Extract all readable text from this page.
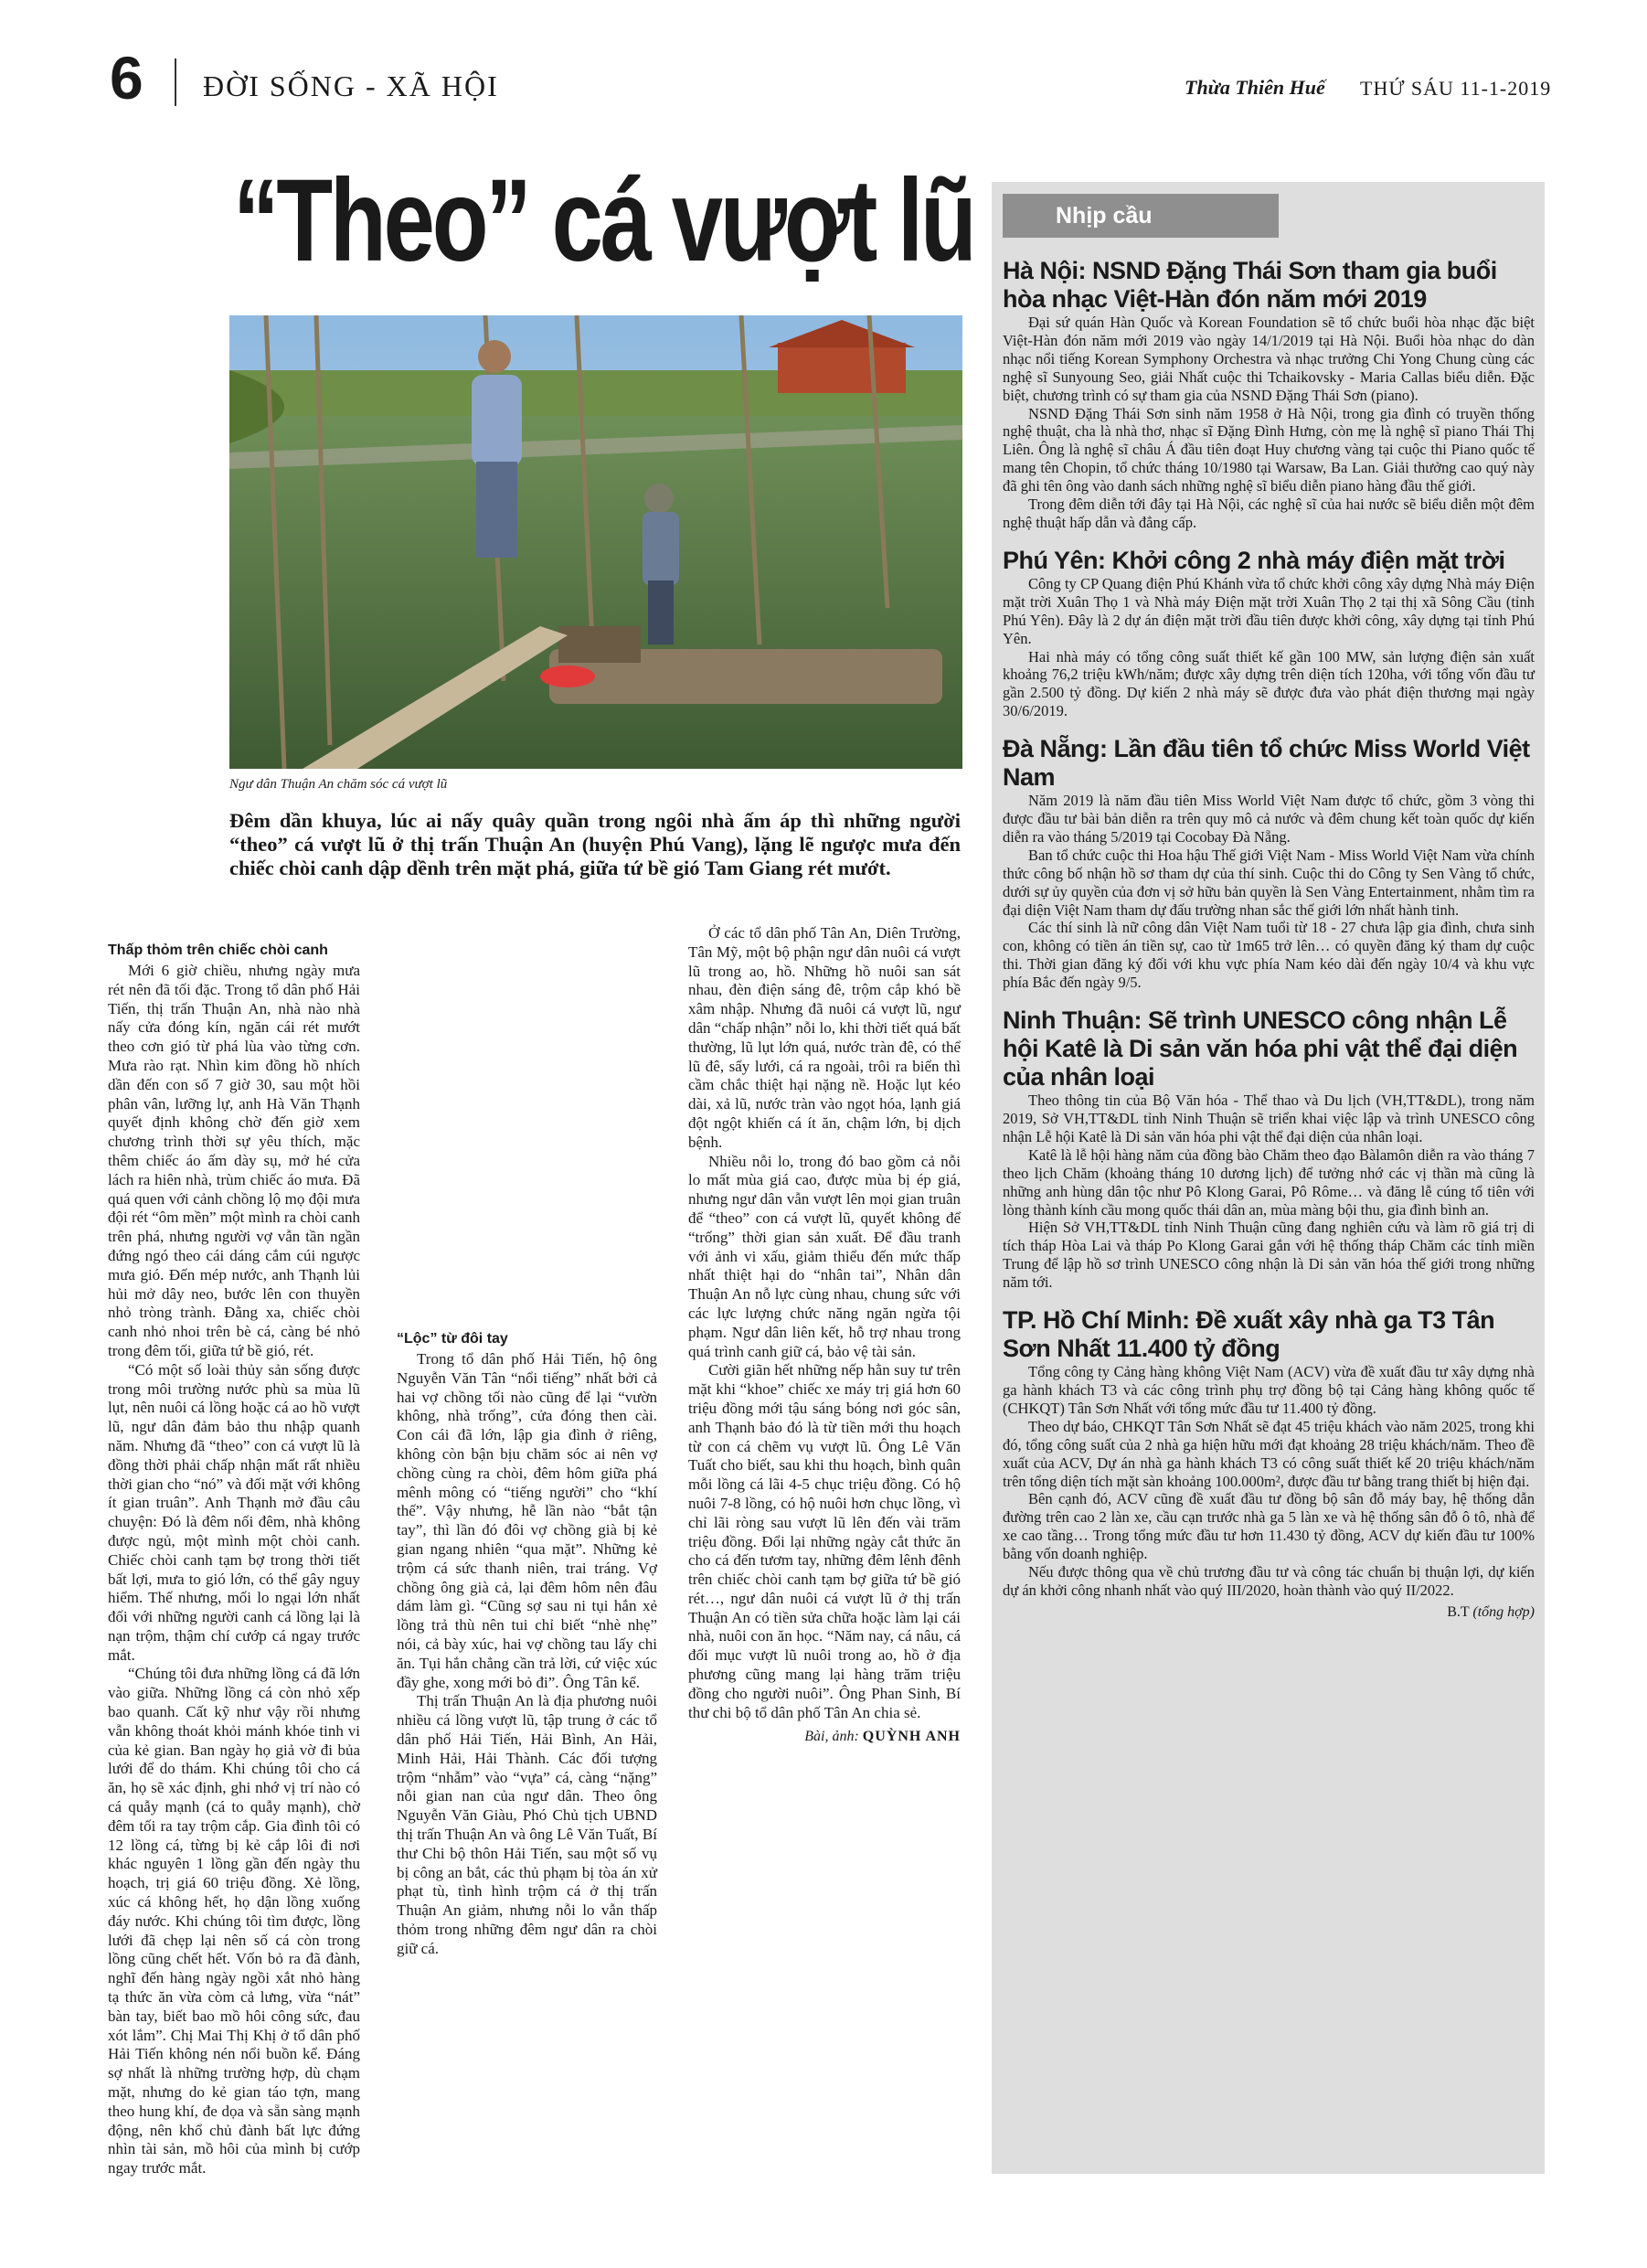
6 ĐỜI SỐNG - XÃ HỘI	Thừa Thiên Huế THỨ SÁU 11-1-2019
“Theo” cá vượt lũ
Ngư dân Thuận An chăm sóc cá vượt lũ
Đêm dần khuya, lúc ai nấy quây quần trong ngôi nhà ấm áp thì những người “theo” cá vượt lũ ở thị trấn Thuận An (huyện Phú Vang), lặng lẽ ngược mưa đến chiếc chòi canh dập dềnh trên mặt phá, giữa tứ bề gió Tam Giang rét mướt.
Thấp thỏm trên chiếc chòi canh

Mới 6 giờ chiều, nhưng ngày mưa rét nên đã tối đặc. Trong tổ dân phố Hải Tiến, thị trấn Thuận An, nhà nào nhà nấy cửa đóng kín, ngăn cái rét mướt theo cơn gió từ phá lùa vào từng cơn. Mưa rào rạt. Nhìn kim đồng hồ nhích dần đến con số 7 giờ 30, sau một hồi phân vân, lưỡng lự, anh Hà Văn Thạnh quyết định không chờ đến giờ xem chương trình thời sự yêu thích, mặc thêm chiếc áo ấm dày sụ, mở hé cửa lách ra hiên nhà, trùm chiếc áo mưa. Đã quá quen với cảnh chồng lộ mọ đội mưa đội rét “ôm mền” một mình ra chòi canh trên phá, nhưng người vợ vẫn tần ngần đứng ngó theo cái dáng cắm cúi ngược mưa gió. Đến mép nước, anh Thạnh lủi hủi mở dây neo, bước lên con thuyền nhỏ tròng trành. Đằng xa, chiếc chòi canh nhỏ nhoi trên bè cá, càng bé nhỏ trong đêm tối, giữa tứ bề gió, rét.

“Có một số loài thủy sản sống được trong môi trường nước phù sa mùa lũ lụt, nên nuôi cá lồng hoặc cá ao hồ vượt lũ, ngư dân đảm bảo thu nhập quanh năm. Nhưng đã “theo” con cá vượt lũ là đồng thời phải chấp nhận mất rất nhiều thời gian cho “nó” và đối mặt với không ít gian truân”. Anh Thạnh mở đầu câu chuyện: Đó là đêm nối đêm, nhà không được ngủ, một mình một chòi canh. Chiếc chòi canh tạm bợ trong thời tiết bất lợi, mưa to gió lớn, có thể gây nguy hiểm. Thế nhưng, mối lo ngại lớn nhất đối với những người canh cá lồng lại là nạn trộm, thậm chí cướp cá ngay trước mắt.

“Chúng tôi đưa những lồng cá đã lớn vào giữa. Những lồng cá còn nhỏ xếp bao quanh. Cất kỹ như vậy rồi nhưng vẫn không thoát khỏi mánh khóe tinh vi của kẻ gian. Ban ngày họ giả vờ đi bủa lưới để do thám. Khi chúng tôi cho cá ăn, họ sẽ xác định, ghi nhớ vị trí nào có cá quẫy mạnh (cá to quẫy mạnh), chờ đêm tối ra tay trộm cắp. Gia đình tôi có 12 lồng cá, từng bị kẻ cắp lôi đi nơi khác nguyên 1 lồng gần đến ngày thu hoạch, trị giá 60 triệu đồng. Xẻ lồng, xúc cá không hết, họ dận lồng xuống đáy nước. Khi chúng tôi tìm được, lồng lưới đã chẹp lại nên số cá còn trong lồng cũng chết hết. Vốn bỏ ra đã đành, nghĩ đến hàng ngày ngồi xắt nhỏ hàng tạ thức ăn vừa còm cả lưng, vừa “nát” bàn tay, biết bao mồ hôi công sức, đau xót lắm”. Chị Mai Thị Khị ở tổ dân phố Hải Tiến không nén nổi buồn kể. Đáng sợ nhất là những trường hợp, dù chạm mặt, nhưng do kẻ gian táo tợn, mang theo hung khí, đe dọa và sẵn sàng mạnh động, nên khổ chủ đành bất lực đứng nhìn tài sản, mồ hôi của mình bị cướp ngay trước mắt.

“Lộc” từ đôi tay

Trong tổ dân phố Hải Tiến, hộ ông Nguyễn Văn Tân “nổi tiếng” nhất bởi cả hai vợ chồng tối nào cũng để lại “vườn không, nhà trống”, cửa đóng then cài. Con cái đã lớn, lập gia đình ở riêng, không còn bận bịu chăm sóc ai nên vợ chồng cùng ra chòi, đêm hôm giữa phá mênh mông có “tiếng người” cho “khí thế”. Vậy nhưng, hễ lần nào “bắt tận tay”, thì lần đó đôi vợ chồng già bị kẻ gian ngang nhiên “qua mặt”. Những kẻ trộm cá sức thanh niên, trai tráng. Vợ chồng ông già cả, lại đêm hôm nên đâu dám làm gì. “Cũng sợ sau ni tụi hắn xẻ lồng trả thù nên tui chỉ biết “nhè nhẹ” nói, cả bày xúc, hai vợ chồng tau lấy chi ăn. Tụi hắn chẳng cần trả lời, cứ việc xúc đầy ghe, xong mới bỏ đi”. Ông Tân kể.

Thị trấn Thuận An là địa phương nuôi nhiều cá lồng vượt lũ, tập trung ở các tổ dân phố Hải Tiến, Hải Bình, An Hải, Minh Hải, Hải Thành. Các đối tượng trộm “nhẫm” vào “vựa” cá, càng “nặng” nỗi gian nan của ngư dân. Theo ông Nguyễn Văn Giàu, Phó Chủ tịch UBND thị trấn Thuận An và ông Lê Văn Tuất, Bí thư Chi bộ thôn Hải Tiến, sau một số vụ bị công an bắt, các thủ phạm bị tòa án xử phạt tù, tình hình trộm cá ở thị trấn Thuận An giảm, nhưng nỗi lo vẫn thấp thỏm trong những đêm ngư dân ra chòi giữ cá.

Ở các tổ dân phố Tân An, Diên Trường, Tân Mỹ, một bộ phận ngư dân nuôi cá vượt lũ trong ao, hồ. Những hồ nuôi san sát nhau, đèn điện sáng đê, trộm cắp khó bề xâm nhập. Nhưng đã nuôi cá vượt lũ, ngư dân “chấp nhận” nỗi lo, khi thời tiết quá bất thường, lũ lụt lớn quá, nước tràn đê, có thể lũ đê, sẩy lưới, cá ra ngoài, trôi ra biển thì cầm chắc thiệt hại nặng nề. Hoặc lụt kéo dài, xả lũ, nước tràn vào ngọt hóa, lạnh giá đột ngột khiến cá ít ăn, chậm lớn, bị dịch bệnh.

Nhiều nỗi lo, trong đó bao gồm cả nỗi lo mất mùa giá cao, được mùa bị ép giá, nhưng ngư dân vẫn vượt lên mọi gian truân để “theo” con cá vượt lũ, quyết không để “trống” thời gian sản xuất. Để đầu tranh với ảnh vi xấu, giảm thiểu đến mức thấp nhất thiệt hại do “nhân tai”, Nhân dân Thuận An nỗ lực cùng nhau, chung sức với các lực lượng chức năng ngăn ngừa tội phạm. Ngư dân liên kết, hỗ trợ nhau trong quá trình canh giữ cá, bảo vệ tài sản.

Cười giãn hết những nếp hằn suy tư trên mặt khi “khoe” chiếc xe máy trị giá hơn 60 triệu đồng mới tậu sáng bóng nơi góc sân, anh Thạnh bảo đó là từ tiền mới thu hoạch từ con cá chẽm vụ vượt lũ. Ông Lê Văn Tuất cho biết, sau khi thu hoạch, bình quân mỗi lồng cá lãi 4-5 chục triệu đồng. Có hộ nuôi 7-8 lồng, có hộ nuôi hơn chục lồng, vì chỉ lãi ròng sau vượt lũ lên đến vài trăm triệu đồng. Đổi lại những ngày cắt thức ăn cho cá đến tươm tay, những đêm lênh đênh trên chiếc chòi canh tạm bợ giữa tứ bề gió rét…, ngư dân nuôi cá vượt lũ ở thị trấn Thuận An có tiền sửa chữa hoặc làm lại cái nhà, nuôi con ăn học. “Năm nay, cá nâu, cá đối mục vượt lũ nuôi trong ao, hồ ở địa phương cũng mang lại hàng trăm triệu đồng cho người nuôi”. Ông Phan Sinh, Bí thư chi bộ tổ dân phố Tân An chia sẻ.

Bài, ảnh: QUỲNH ANH

Nhịp cầu
Hà Nội: NSND Đặng Thái Sơn tham gia buổi hòa nhạc Việt-Hàn đón năm mới 2019

Đại sứ quán Hàn Quốc và Korean Foundation sẽ tổ chức buổi hòa nhạc đặc biệt Việt-Hàn đón năm mới 2019 vào ngày 14/1/2019 tại Hà Nội. Buổi hòa nhạc do dàn nhạc nổi tiếng Korean Symphony Orchestra và nhạc trưởng Chi Yong Chung cùng các nghệ sĩ Sunyoung Seo, giải Nhất cuộc thi Tchaikovsky - Maria Callas biểu diễn. Đặc biệt, chương trình có sự tham gia của NSND Đặng Thái Sơn (piano).

NSND Đặng Thái Sơn sinh năm 1958 ở Hà Nội, trong gia đình có truyền thống nghệ thuật, cha là nhà thơ, nhạc sĩ Đặng Đình Hưng, còn mẹ là nghệ sĩ piano Thái Thị Liên. Ông là nghệ sĩ châu Á đầu tiên đoạt Huy chương vàng tại cuộc thi Piano quốc tế mang tên Chopin, tổ chức tháng 10/1980 tại Warsaw, Ba Lan. Giải thưởng cao quý này đã ghi tên ông vào danh sách những nghệ sĩ biểu diễn piano hàng đầu thế giới.

Trong đêm diễn tới đây tại Hà Nội, các nghệ sĩ của hai nước sẽ biểu diễn một đêm nghệ thuật hấp dẫn và đẳng cấp.

Phú Yên: Khởi công 2 nhà máy điện mặt trời

Công ty CP Quang điện Phú Khánh vừa tổ chức khởi công xây dựng Nhà máy Điện mặt trời Xuân Thọ 1 và Nhà máy Điện mặt trời Xuân Thọ 2 tại thị xã Sông Cầu (tỉnh Phú Yên). Đây là 2 dự án điện mặt trời đầu tiên được khởi công, xây dựng tại tỉnh Phú Yên.

Hai nhà máy có tổng công suất thiết kế gần 100 MW, sản lượng điện sản xuất khoảng 76,2 triệu kWh/năm; được xây dựng trên diện tích 120ha, với tổng vốn đầu tư gần 2.500 tỷ đồng. Dự kiến 2 nhà máy sẽ được đưa vào phát điện thương mại ngày 30/6/2019.

Đà Nẵng: Lần đầu tiên tổ chức Miss World Việt Nam

Năm 2019 là năm đầu tiên Miss World Việt Nam được tổ chức, gồm 3 vòng thi được đầu tư bài bản diễn ra trên quy mô cả nước và đêm chung kết toàn quốc dự kiến diễn ra vào tháng 5/2019 tại Cocobay Đà Nẵng.

Ban tổ chức cuộc thi Hoa hậu Thế giới Việt Nam - Miss World Việt Nam vừa chính thức công bố nhận hồ sơ tham dự của thí sinh. Cuộc thi do Công ty Sen Vàng tổ chức, dưới sự ủy quyền của đơn vị sở hữu bản quyền là Sen Vàng Entertainment, nhằm tìm ra đại diện Việt Nam tham dự đấu trường nhan sắc thế giới lớn nhất hành tinh.

Các thí sinh là nữ công dân Việt Nam tuổi từ 18 - 27 chưa lập gia đình, chưa sinh con, không có tiền án tiền sự, cao từ 1m65 trở lên… có quyền đăng ký tham dự cuộc thi. Thời gian đăng ký đối với khu vực phía Nam kéo dài đến ngày 10/4 và khu vực phía Bắc đến ngày 9/5.

Ninh Thuận: Sẽ trình UNESCO công nhận Lễ hội Katê là Di sản văn hóa phi vật thể đại diện của nhân loại

Theo thông tin của Bộ Văn hóa - Thể thao và Du lịch (VH,TT&DL), trong năm 2019, Sở VH,TT&DL tỉnh Ninh Thuận sẽ triển khai việc lập và trình UNESCO công nhận Lễ hội Katê là Di sản văn hóa phi vật thể đại diện của nhân loại.

Katê là lễ hội hàng năm của đồng bào Chăm theo đạo Bàlamôn diễn ra vào tháng 7 theo lịch Chăm (khoảng tháng 10 dương lịch) để tưởng nhớ các vị thần mà cũng là những anh hùng dân tộc như Pô Klong Garai, Pô Rôme… và đăng lễ cúng tổ tiên với lòng thành kính cầu mong quốc thái dân an, mùa màng bội thu, gia đình bình an.

Hiện Sở VH,TT&DL tỉnh Ninh Thuận cũng đang nghiên cứu và làm rõ giá trị di tích tháp Hòa Lai và tháp Po Klong Garai gắn với hệ thống tháp Chăm các tỉnh miền Trung để lập hồ sơ trình UNESCO công nhận là Di sản văn hóa thế giới trong những năm tới.

TP. Hồ Chí Minh: Đề xuất xây nhà ga T3 Tân Sơn Nhất 11.400 tỷ đồng

Tổng công ty Cảng hàng không Việt Nam (ACV) vừa đề xuất đầu tư xây dựng nhà ga hành khách T3 và các công trình phụ trợ đồng bộ tại Cảng hàng không quốc tế (CHKQT) Tân Sơn Nhất với tổng mức đầu tư 11.400 tỷ đồng.

Theo dự báo, CHKQT Tân Sơn Nhất sẽ đạt 45 triệu khách vào năm 2025, trong khi đó, tổng công suất của 2 nhà ga hiện hữu mới đạt khoảng 28 triệu khách/năm. Theo đề xuất của ACV, Dự án nhà ga hành khách T3 có công suất thiết kế 20 triệu khách/năm trên tổng diện tích mặt sàn khoảng 100.000m², được đầu tư bằng trang thiết bị hiện đại.

Bên cạnh đó, ACV cũng đề xuất đầu tư đồng bộ sân đỗ máy bay, hệ thống dẫn đường trên cao 2 làn xe, cầu cạn trước nhà ga 5 làn xe và hệ thống sân đỗ ô tô, nhà để xe cao tầng… Trong tổng mức đầu tư hơn 11.430 tỷ đồng, ACV dự kiến đầu tư 100% bằng vốn doanh nghiệp.

Nếu được thông qua về chủ trương đầu tư và công tác chuẩn bị thuận lợi, dự kiến dự án khởi công nhanh nhất vào quý III/2020, hoàn thành vào quý II/2022.

B.T (tổng hợp)
